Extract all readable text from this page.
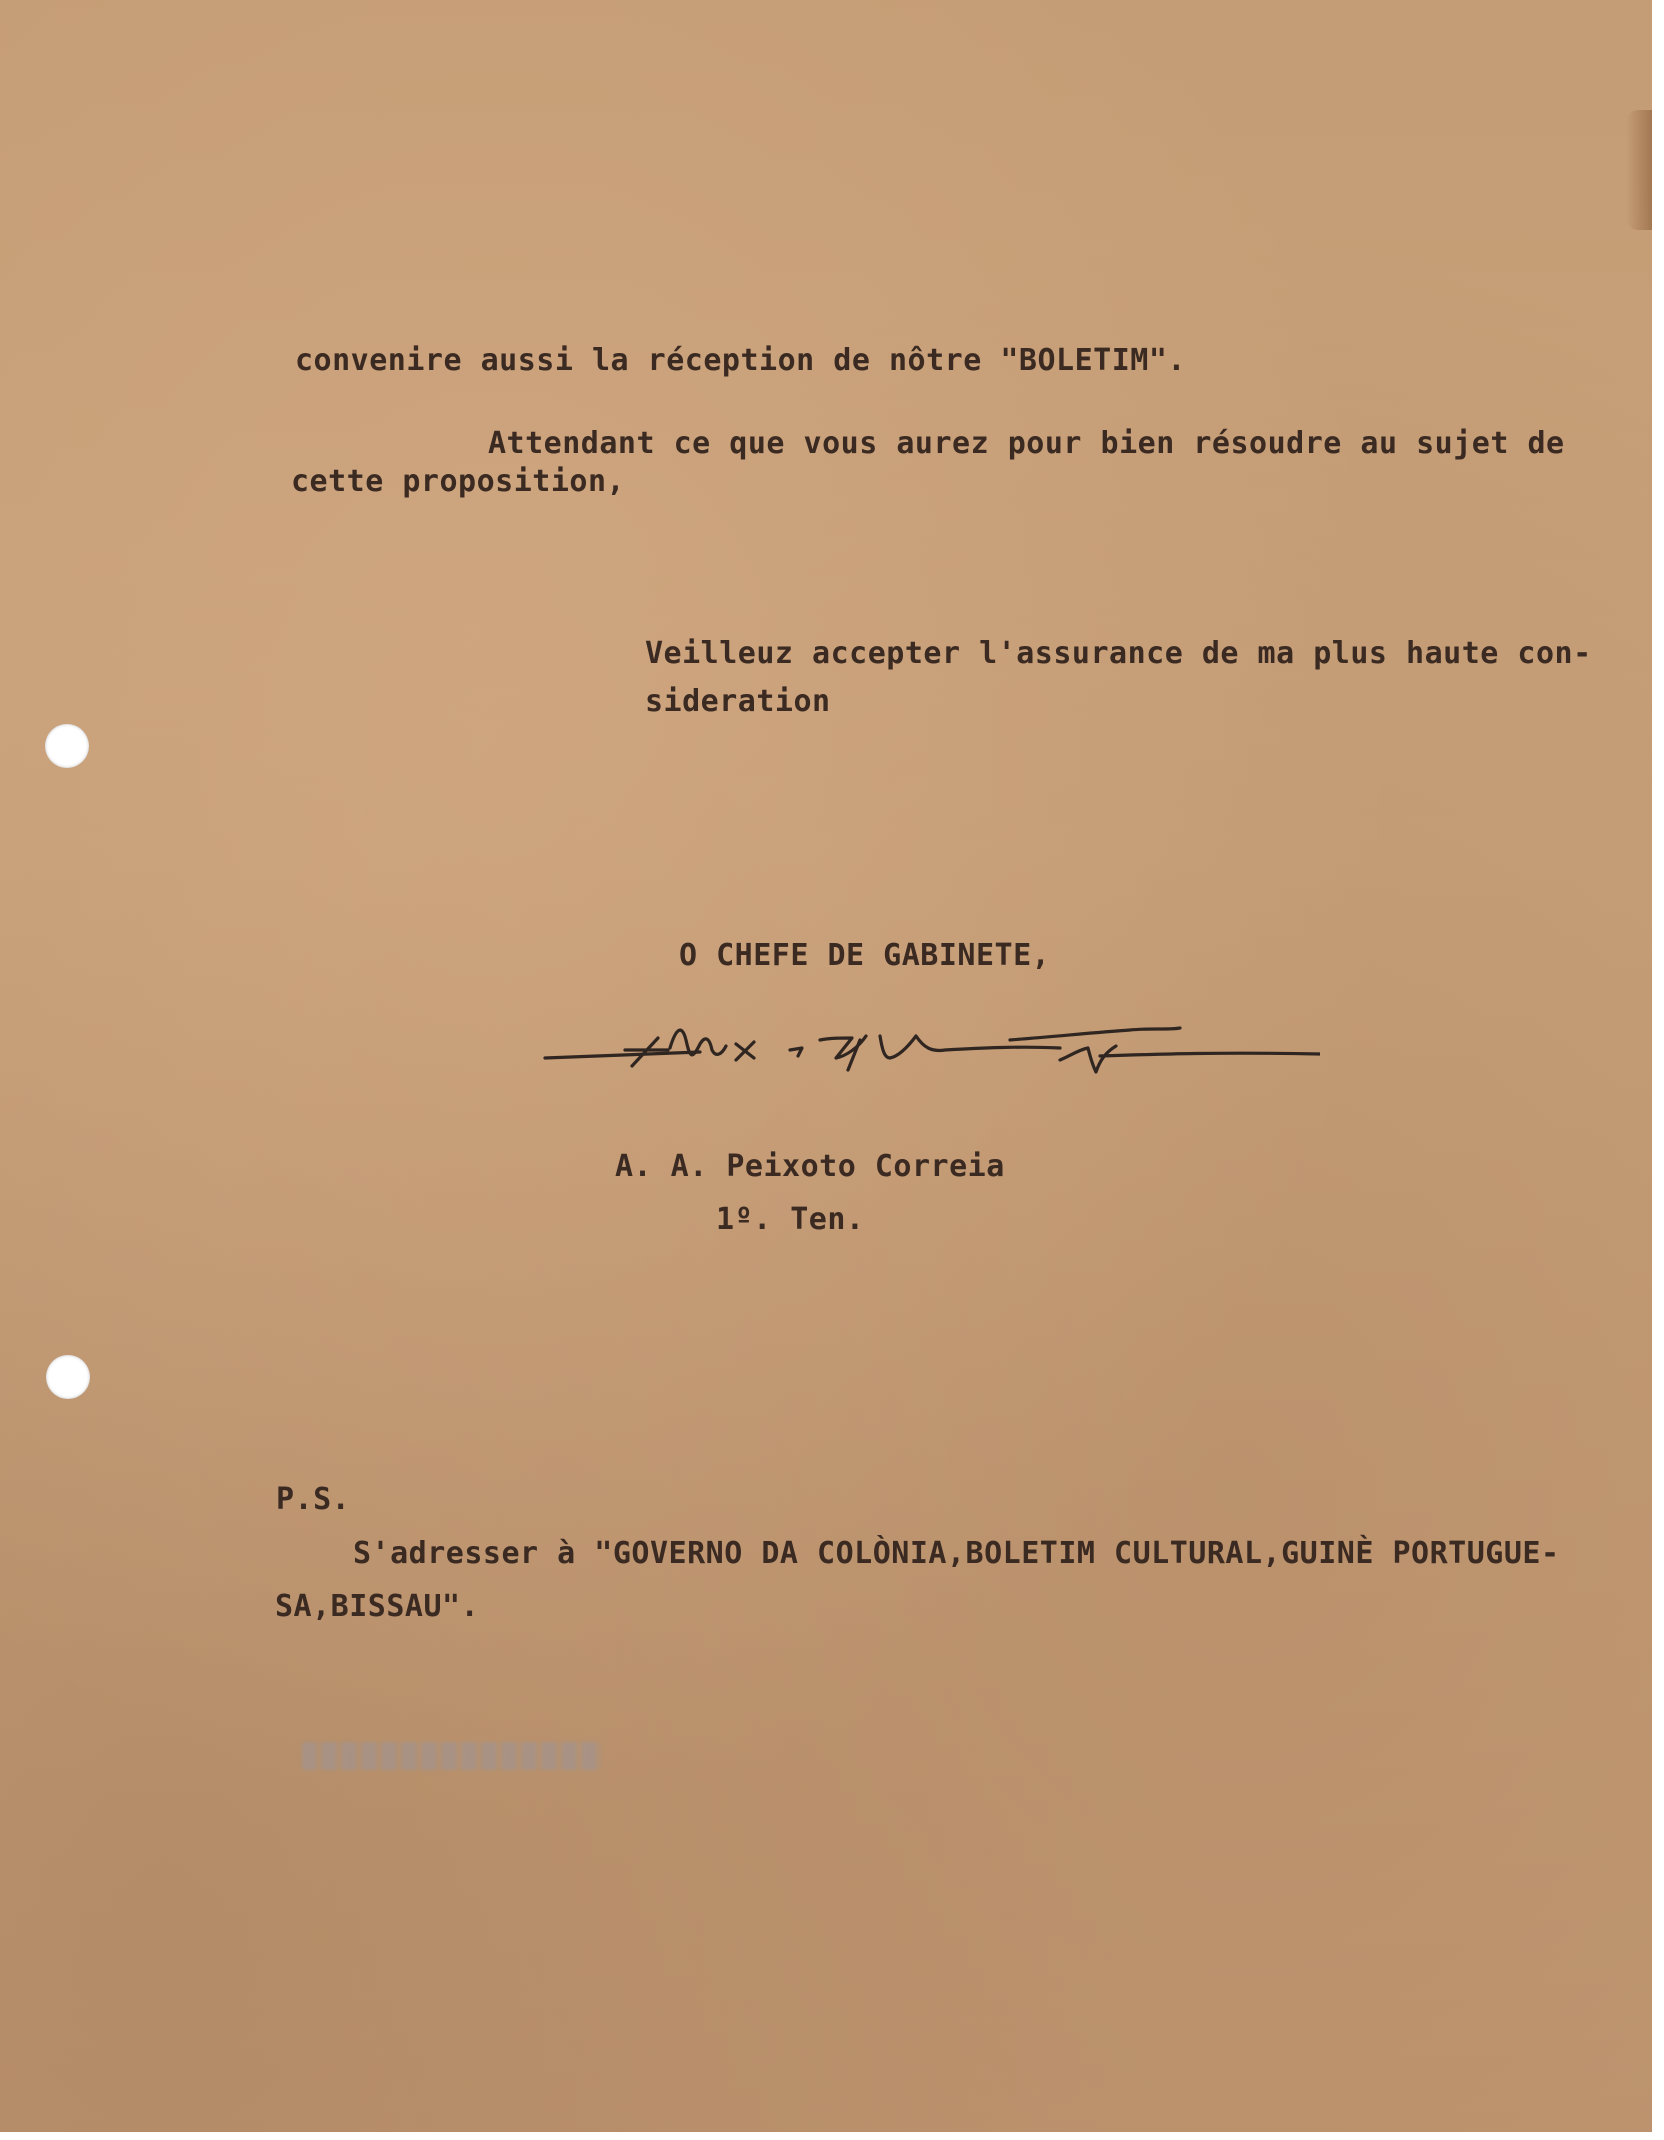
convenire aussi la réception de nôtre "BOLETIM".
Attendant ce que vous aurez pour bien résoudre au sujet de
cette proposition,
Veilleuz accepter l'assurance de ma plus haute con-
sideration
O CHEFE DE GABINETE,
A. A. Peixoto Correia
1º. Ten.
P.S.
S'adresser à "GOVERNO DA COLÒNIA,BOLETIM CULTURAL,GUINÈ PORTUGUE-
SA,BISSAU".
